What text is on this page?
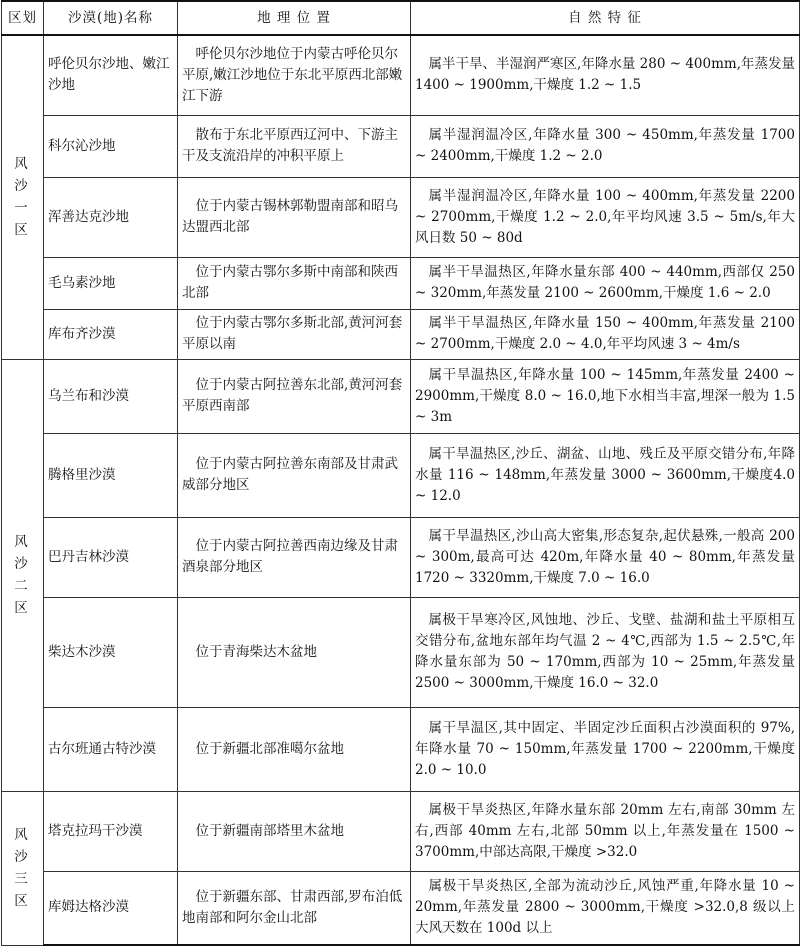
区划	沙漠(地)名称	地 理 位 置	自 然 特 征
风沙一区	呼伦贝尔沙地、嫩江沙地	呼伦贝尔沙地位于内蒙古呼伦贝尔平原,嫩江沙地位于东北平原西北部嫩江下游	属半干旱、半湿润严寒区,年降水量 280 ~ 400mm,年蒸发量 1400 ~ 1900mm,干燥度 1.2 ~ 1.5
	科尔沁沙地	散布于东北平原西辽河中、下游主干及支流沿岸的冲积平原上	属半湿润温冷区,年降水量 300 ~ 450mm,年蒸发量 1700 ~ 2400mm,干燥度 1.2 ~ 2.0
	浑善达克沙地	位于内蒙古锡林郭勒盟南部和昭乌达盟西北部	属半湿润温冷区,年降水量 100 ~ 400mm,年蒸发量 2200 ~ 2700mm,干燥度 1.2 ~ 2.0,年平均风速 3.5 ~ 5m/s,年大风日数 50 ~ 80d
	毛乌素沙地	位于内蒙古鄂尔多斯中南部和陕西北部	属半干旱温热区,年降水量东部 400 ~ 440mm,西部仅 250 ~ 320mm,年蒸发量 2100 ~ 2600mm,干燥度 1.6 ~ 2.0
	库布齐沙漠	位于内蒙古鄂尔多斯北部,黄河河套平原以南	属半干旱温热区,年降水量 150 ~ 400mm,年蒸发量 2100 ~ 2700mm,干燥度 2.0 ~ 4.0,年平均风速 3 ~ 4m/s
风沙二区	乌兰布和沙漠	位于内蒙古阿拉善东北部,黄河河套平原西南部	属干旱温热区,年降水量 100 ~ 145mm,年蒸发量 2400 ~ 2900mm,干燥度 8.0 ~ 16.0,地下水相当丰富,埋深一般为 1.5 ~ 3m
	腾格里沙漠	位于内蒙古阿拉善东南部及甘肃武威部分地区	属干旱温热区,沙丘、湖盆、山地、残丘及平原交错分布,年降水量 116 ~ 148mm,年蒸发量 3000 ~ 3600mm,干燥度4.0 ~ 12.0
	巴丹吉林沙漠	位于内蒙古阿拉善西南边缘及甘肃酒泉部分地区	属干旱温热区,沙山高大密集,形态复杂,起伏悬殊,一般高 200 ~ 300m,最高可达 420m,年降水量 40 ~ 80mm,年蒸发量 1720 ~ 3320mm,干燥度 7.0 ~ 16.0
	柴达木沙漠	位于青海柴达木盆地	属极干旱寒冷区,风蚀地、沙丘、戈壁、盐湖和盐土平原相互交错分布,盆地东部年均气温 2 ~ 4℃,西部为 1.5 ~ 2.5℃,年降水量东部为 50 ~ 170mm,西部为 10 ~ 25mm,年蒸发量 2500 ~ 3000mm,干燥度 16.0 ~ 32.0
	古尔班通古特沙漠	位于新疆北部准噶尔盆地	属干旱温区,其中固定、半固定沙丘面积占沙漠面积的 97%,年降水量 70 ~ 150mm,年蒸发量 1700 ~ 2200mm,干燥度 2.0 ~ 10.0
风沙三区	塔克拉玛干沙漠	位于新疆南部塔里木盆地	属极干旱炎热区,年降水量东部 20mm 左右,南部 30mm 左右,西部 40mm 左右,北部 50mm 以上,年蒸发量在 1500 ~ 3700mm,中部达高限,干燥度 >32.0
	库姆达格沙漠	位于新疆东部、甘肃西部,罗布泊低地南部和阿尔金山北部	属极干旱炎热区,全部为流动沙丘,风蚀严重,年降水量 10 ~ 20mm,年蒸发量 2800 ~ 3000mm,干燥度 >32.0,8 级以上大风天数在 100d 以上
